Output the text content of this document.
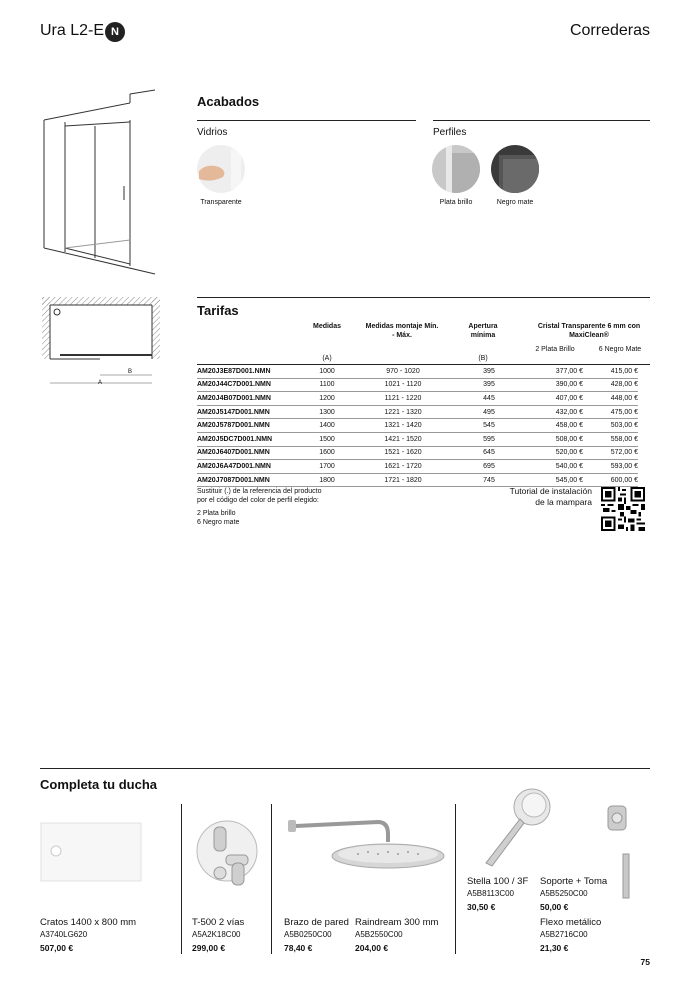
Ura L2-E N	Correderas
B
A
Acabados
Vidrios	Perfiles
Transparente	Plata brillo	Negro mate
Tarifas
Medidas	Medidas montaje Mín. - Máx.
Apertura mínima
Cristal Transparente 6 mm con MaxiClean®
2 Plata Brillo	6 Negro Mate
(A)	(B)
AM20J3E87D001.NMN	1000	970 - 1020	395	377,00 €	415,00 €
AM20J44C7D001.NMN	1100	1021 - 1120	395	390,00 €	428,00 €
AM20J4B07D001.NMN	1200	1121 - 1220	445	407,00 €	448,00 €
AM20J5147D001.NMN	1300	1221 - 1320	495	432,00 €	475,00 €
AM20J5787D001.NMN	1400	1321 - 1420	545	458,00 €	503,00 €
AM20J5DC7D001.NMN	1500	1421 - 1520	595	508,00 €	558,00 €
AM20J6407D001.NMN	1600	1521 - 1620	645	520,00 €	572,00 €
AM20J6A47D001.NMN	1700	1621 - 1720	695	540,00 €	593,00 €
AM20J7087D001.NMN	1800	1721 - 1820	745	545,00 €	600,00 €
Sustituir (.) de la referencia del producto
por el código del color de perfil elegido:
2 Plata brillo
6 Negro mate
Tutorial de instalación
de la mampara
Completa tu ducha
Cratos 1400 x 800 mm
A3740LG620
507,00 €
T-500 2 vías
A5A2K18C00
299,00 €
Brazo de pared
A5B0250C00
78,40 €
Raindream 300 mm
A5B2550C00
204,00 €
Stella 100 / 3F
A5B8113C00
30,50 €
Soporte + Toma
A5B5250C00
50,00 €
Flexo metálico
A5B2716C00
21,30 €
75
